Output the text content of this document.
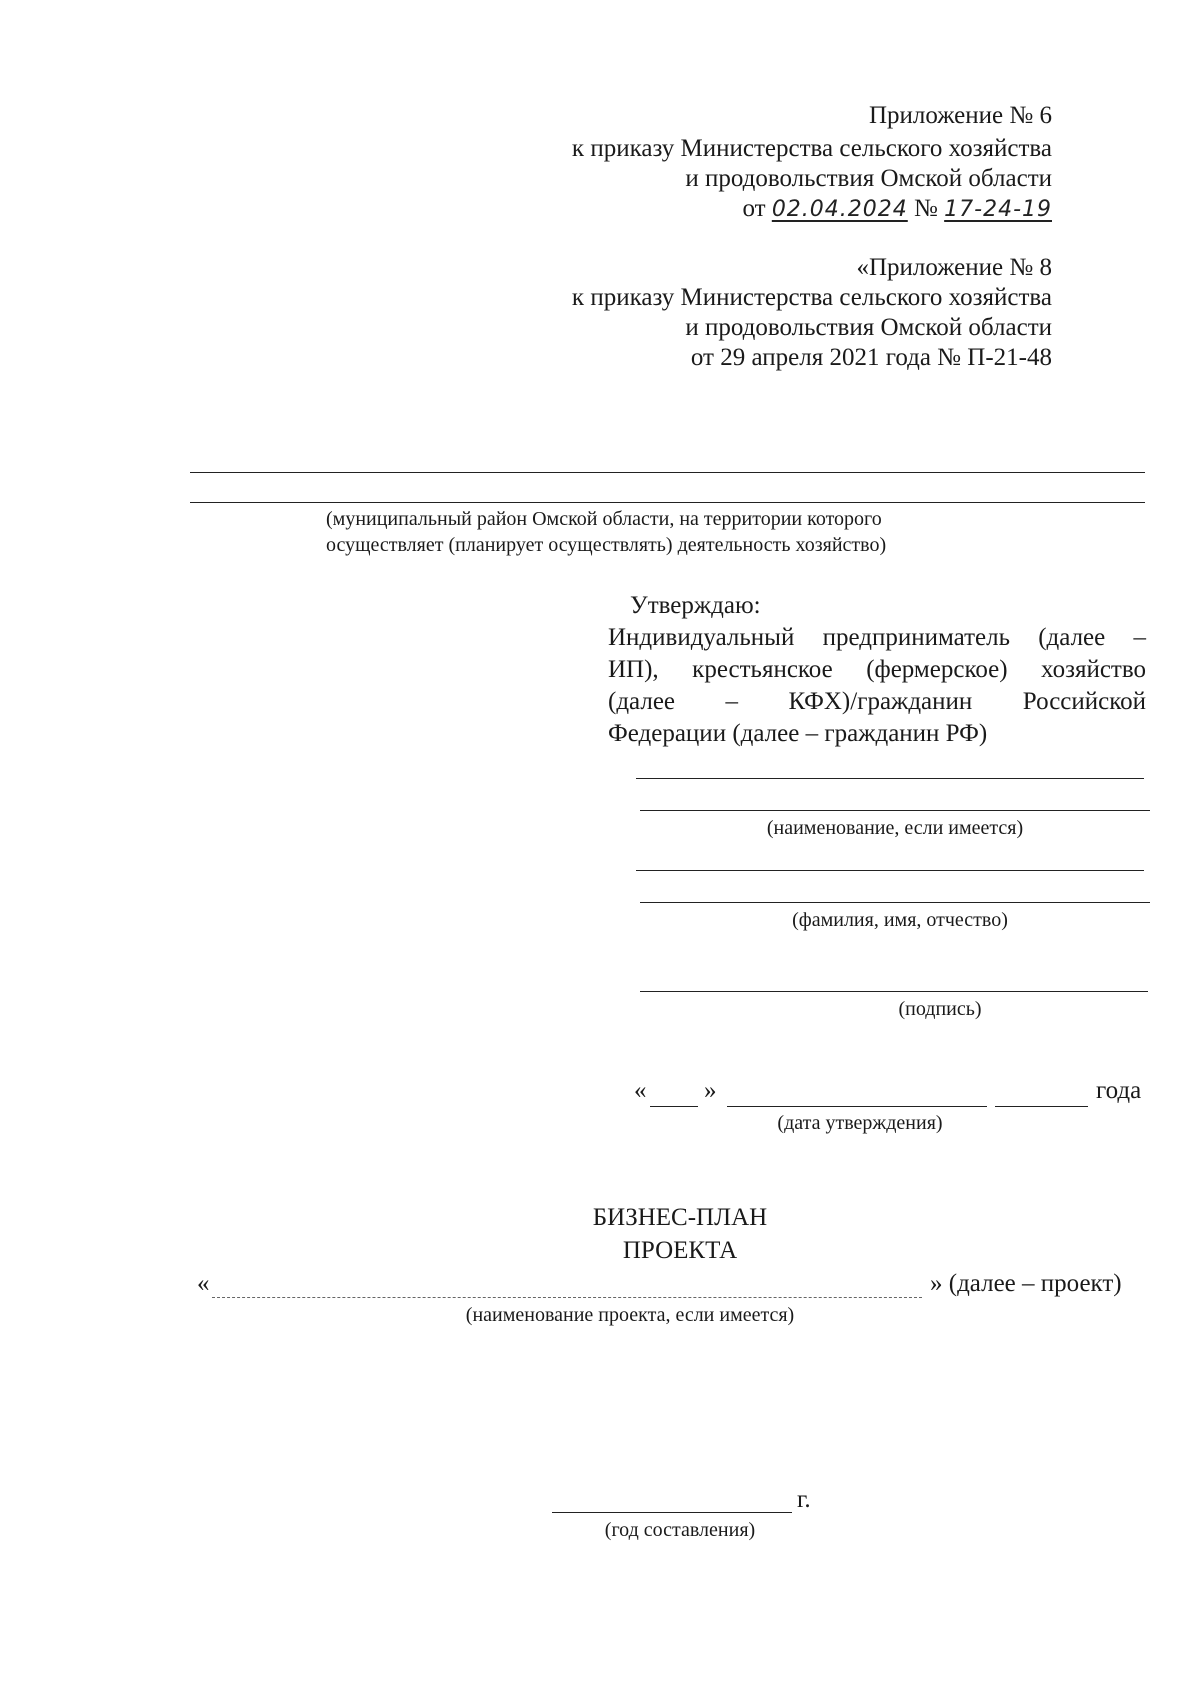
Приложение № 6
к приказу Министерства сельского хозяйства
и продовольствия Омской области
от 02.04.2024 № 17-24-19
«Приложение № 8
к приказу Министерства сельского хозяйства
и продовольствия Омской области
от 29 апреля 2021 года № П-21-48
(муниципальный район Омской области, на территории которого
осуществляет (планирует осуществлять) деятельность хозяйство)
Утверждаю:
Индивидуальный предприниматель (далее –
ИП), крестьянское (фермерское) хозяйство
(далее – КФХ)/гражданин Российской
Федерации (далее – гражданин РФ)
(наименование, если имеется)
(фамилия, имя, отчество)
(подпись)
« »	года
(дата утверждения)
БИЗНЕС-ПЛАН
ПРОЕКТА
«	» (далее – проект)
(наименование проекта, если имеется)
г.
(год составления)
